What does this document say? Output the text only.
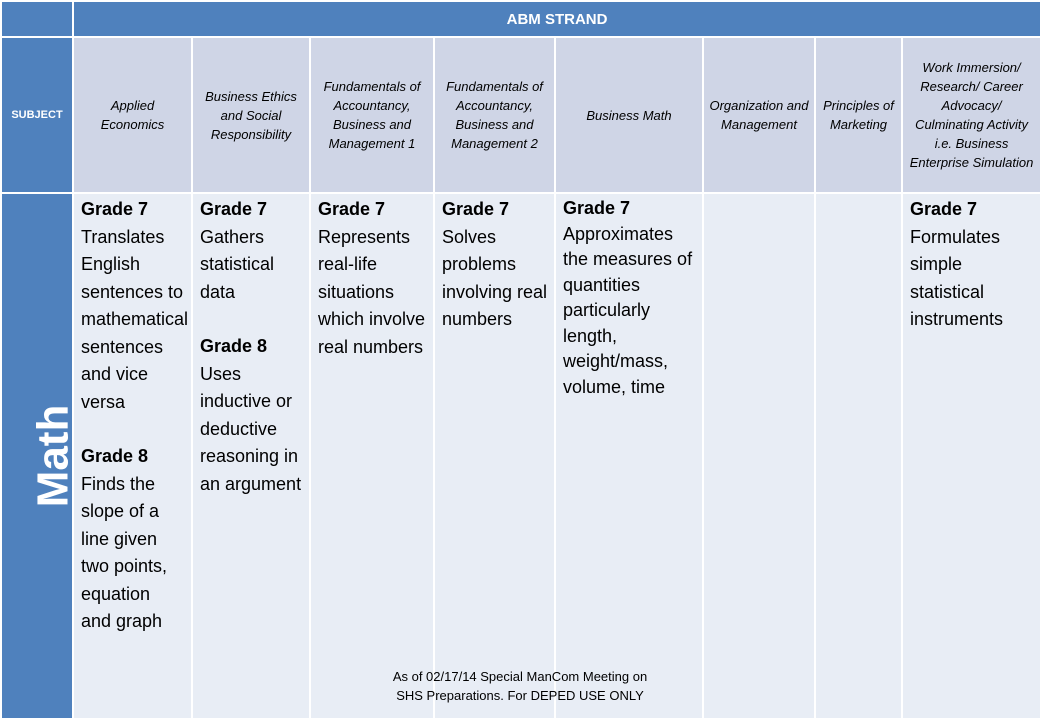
	ABM STRAND							
SUBJECT	Applied Economics	Business Ethics and Social Responsibility	Fundamentals of Accountancy, Business and Management 1	Fundamentals of Accountancy, Business and Management 2	Business Math	Organization and Management	Principles of Marketing	Work Immersion/ Research/ Career Advocacy/ Culminating Activity i.e. Business Enterprise Simulation
Math	Grade 7
Translates English sentences to mathematical sentences and vice versa
Grade 8
Finds the slope of a line given two points, equation and graph	Grade 7
Gathers statistical data
Grade 8
Uses inductive or deductive reasoning in an argument	Grade 7
Represents real-life situations which involve real numbers	Grade 7
Solves problems involving real numbers	Grade 7
Approximates the measures of quantities particularly length, weight/mass, volume, time			Grade 7
Formulates simple statistical instruments
As of 02/17/14 Special ManCom Meeting on
SHS Preparations. For DEPED USE ONLY
